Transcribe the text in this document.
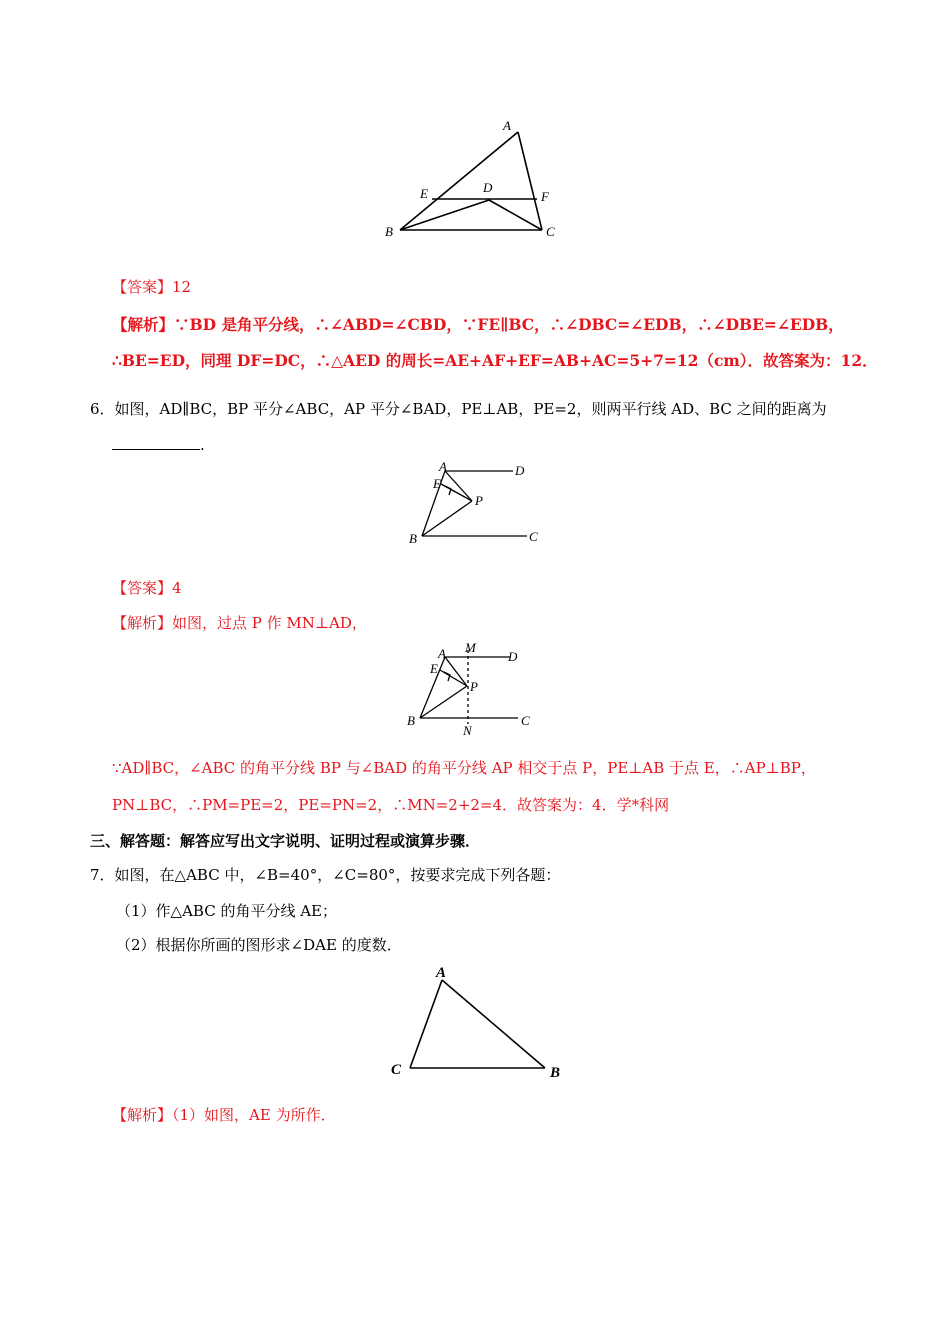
A
B	C
D
E	F
【答案】12
【解析】∵BD 是角平分线，∴∠ABD=∠CBD，∵FE∥BC，∴∠DBC=∠EDB，∴∠DBE=∠EDB，
∴BE=ED，同理 DF=DC，∴△AED 的周长=AE+AF+EF=AB+AC=5+7=12（cm）．故答案为：12．
6．如图，AD∥BC，BP 平分∠ABC，AP 平分∠BAD，PE⊥AB，PE=2，则两平行线 AD、BC 之间的距离为
.
A	D
E
P
B	C
【答案】4
【解析】如图，过点 P 作 MN⊥AD，
A M
D
E
P
B	C
N
∵AD∥BC，∠ABC 的角平分线 BP 与∠BAD 的角平分线 AP 相交于点 P，PE⊥AB 于点 E，∴AP⊥BP，
PN⊥BC，∴PM=PE=2，PE=PN=2，∴MN=2+2=4．故答案为：4．学*科网
三、解答题：解答应写出文字说明、证明过程或演算步骤．
7．如图，在△ABC 中，∠B=40°，∠C=80°，按要求完成下列各题：
（1）作△ABC 的角平分线 AE；
（2）根据你所画的图形求∠DAE 的度数．
A
C	B
【解析】（1）如图，AE 为所作．
